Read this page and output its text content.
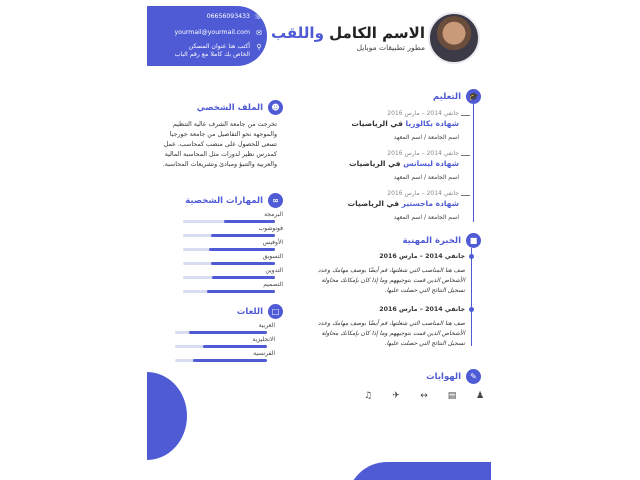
☏
06656093433
✉
yourmail@yourmail.com
⚲
أكتب هنا عنوان المسكن
الخاص بك كاملا مع رقم الباب
الاسم الكامل واللقب
مطور تطبيقات موبايل
🎓
التعليم
جانفي 2014 – مارس 2016
شهادة بكالوريا في الرياضيات
اسم الجامعة / اسم المعهد
جانفي 2014 – مارس 2016
شهادة ليسانس في الرياضيات
اسم الجامعة / اسم المعهد
جانفي 2014 – مارس 2016
شهادة ماجستير في الرياضيات
اسم الجامعة / اسم المعهد
■
الخبرة المهنية
جانفي 2014 – مارس 2016
صف هنا المناصب التي شغلتها، قم أيضًا بوصف مهامك وعدد الأشخاص الذين قمت بتوجيههم وما إذا كان بإمكانك محاولة تسجيل النتائج التي حصلت عليها.
جانفي 2014 – مارس 2016
صف هنا المناصب التي شغلتها، قم أيضًا بوصف مهامك وعدد الأشخاص الذين قمت بتوجيههم وما إذا كان بإمكانك محاولة تسجيل النتائج التي حصلت عليها.
✎
الهوايات
♟
▤
↔
✈
♫
☻
الملف الشخصي
تخرجت من جامعة الشرف عالية التنظيم والموجهة نحو التفاصيل من جامعة جورجيا تسعى للحصول على منصب كمحاسب. عمل كمدرس نظير لدورات مثل المحاسبة المالية والعربية والتنبؤ ومبادئ وتشريعات المحاسبة.
∞
المهارات الشخصية
البرمجة
فوتوشوب
الأوفيس
التسويق
التدوين
التصميم
□
اللغات
العربية
الانجليزية
الفرنسية
